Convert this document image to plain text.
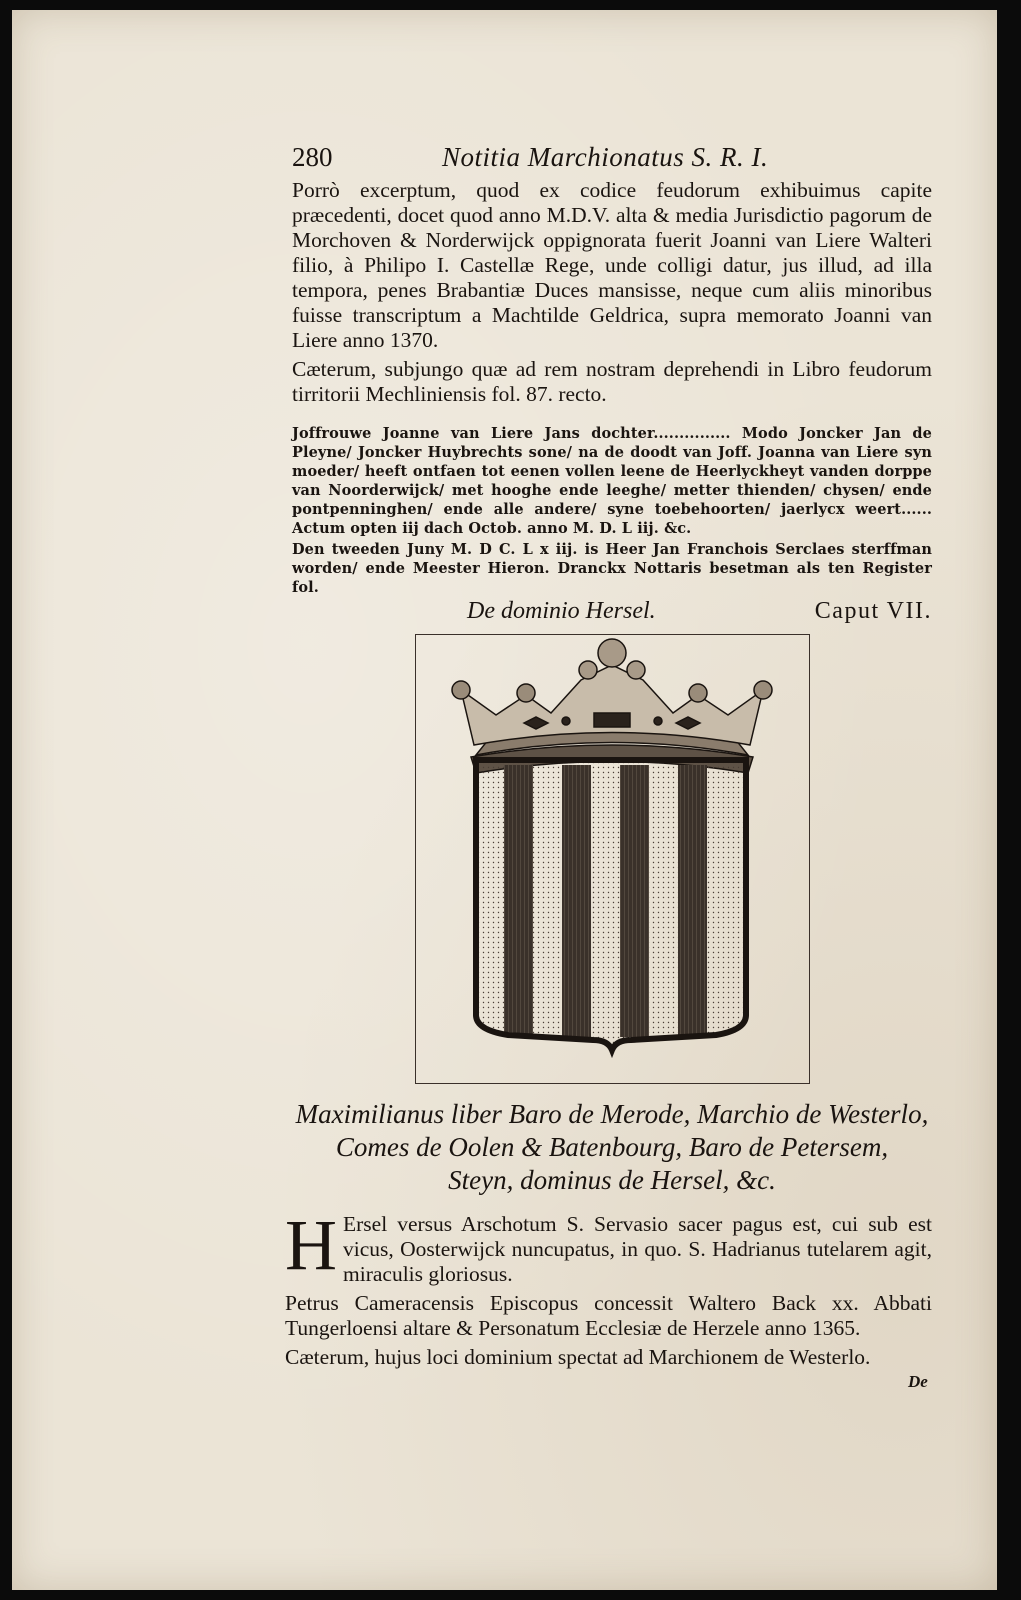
280	Notitia Marchionatus S. R. I.

Porrò excerptum, quod ex codice feudorum exhibuimus capite præcedenti, docet quod anno M.D.V. alta & media Jurisdictio pagorum de Morchoven & Norderwijck oppignorata fuerit Joanni van Liere Walteri filio, à Philipo I. Castellæ Rege, unde colligi datur, jus illud, ad illa tempora, penes Brabantiæ Duces mansisse, neque cum aliis minoribus fuisse transcriptum a Machtilde Geldrica, supra memorato Joanni van Liere anno 1370.

Cæterum, subjungo quæ ad rem nostram deprehendi in Libro feudorum tirritorii Mechliniensis fol. 87. recto.

Joffrouwe Joanne van Liere Jans dochter............... Modo Joncker Jan de Pleyne/ Joncker Huybrechts sone/ na de doodt van Joff. Joanna van Liere syn moeder/ heeft ontfaen tot eenen vollen leene de Heerlyckheyt vanden dorppe van Noorderwijck/ met hooghe ende leeghe/ metter thienden/ chysen/ ende pontpenninghen/ ende alle andere/ syne toebehoorten/ jaerlycx weert...... Actum opten iij dach Octob. anno M. D. L iij. &c.

Den tweeden Juny M. D C. L x iij. is Heer Jan Franchois Serclaes sterffman worden/ ende Meester Hieron. Dranckx Nottaris besetman als ten Register fol.

De dominio Hersel.	Caput VII.
Maximilianus liber Baro de Merode, Marchio de Westerlo, Comes de Oolen & Batenbourg, Baro de Petersem,
Steyn, dominus de Hersel, &c.
H Ersel versus Arschotum S. Servasio sacer pagus est, cui sub est vicus, Oosterwijck nuncupatus, in quo. S. Hadrianus tutelarem agit, miraculis gloriosus.

Petrus Cameracensis Episcopus concessit Waltero Back xx. Abbati Tungerloensi altare & Personatum Ecclesiæ de Herzele anno 1365.

Cæterum, hujus loci dominium spectat ad Marchionem de Westerlo.

De
